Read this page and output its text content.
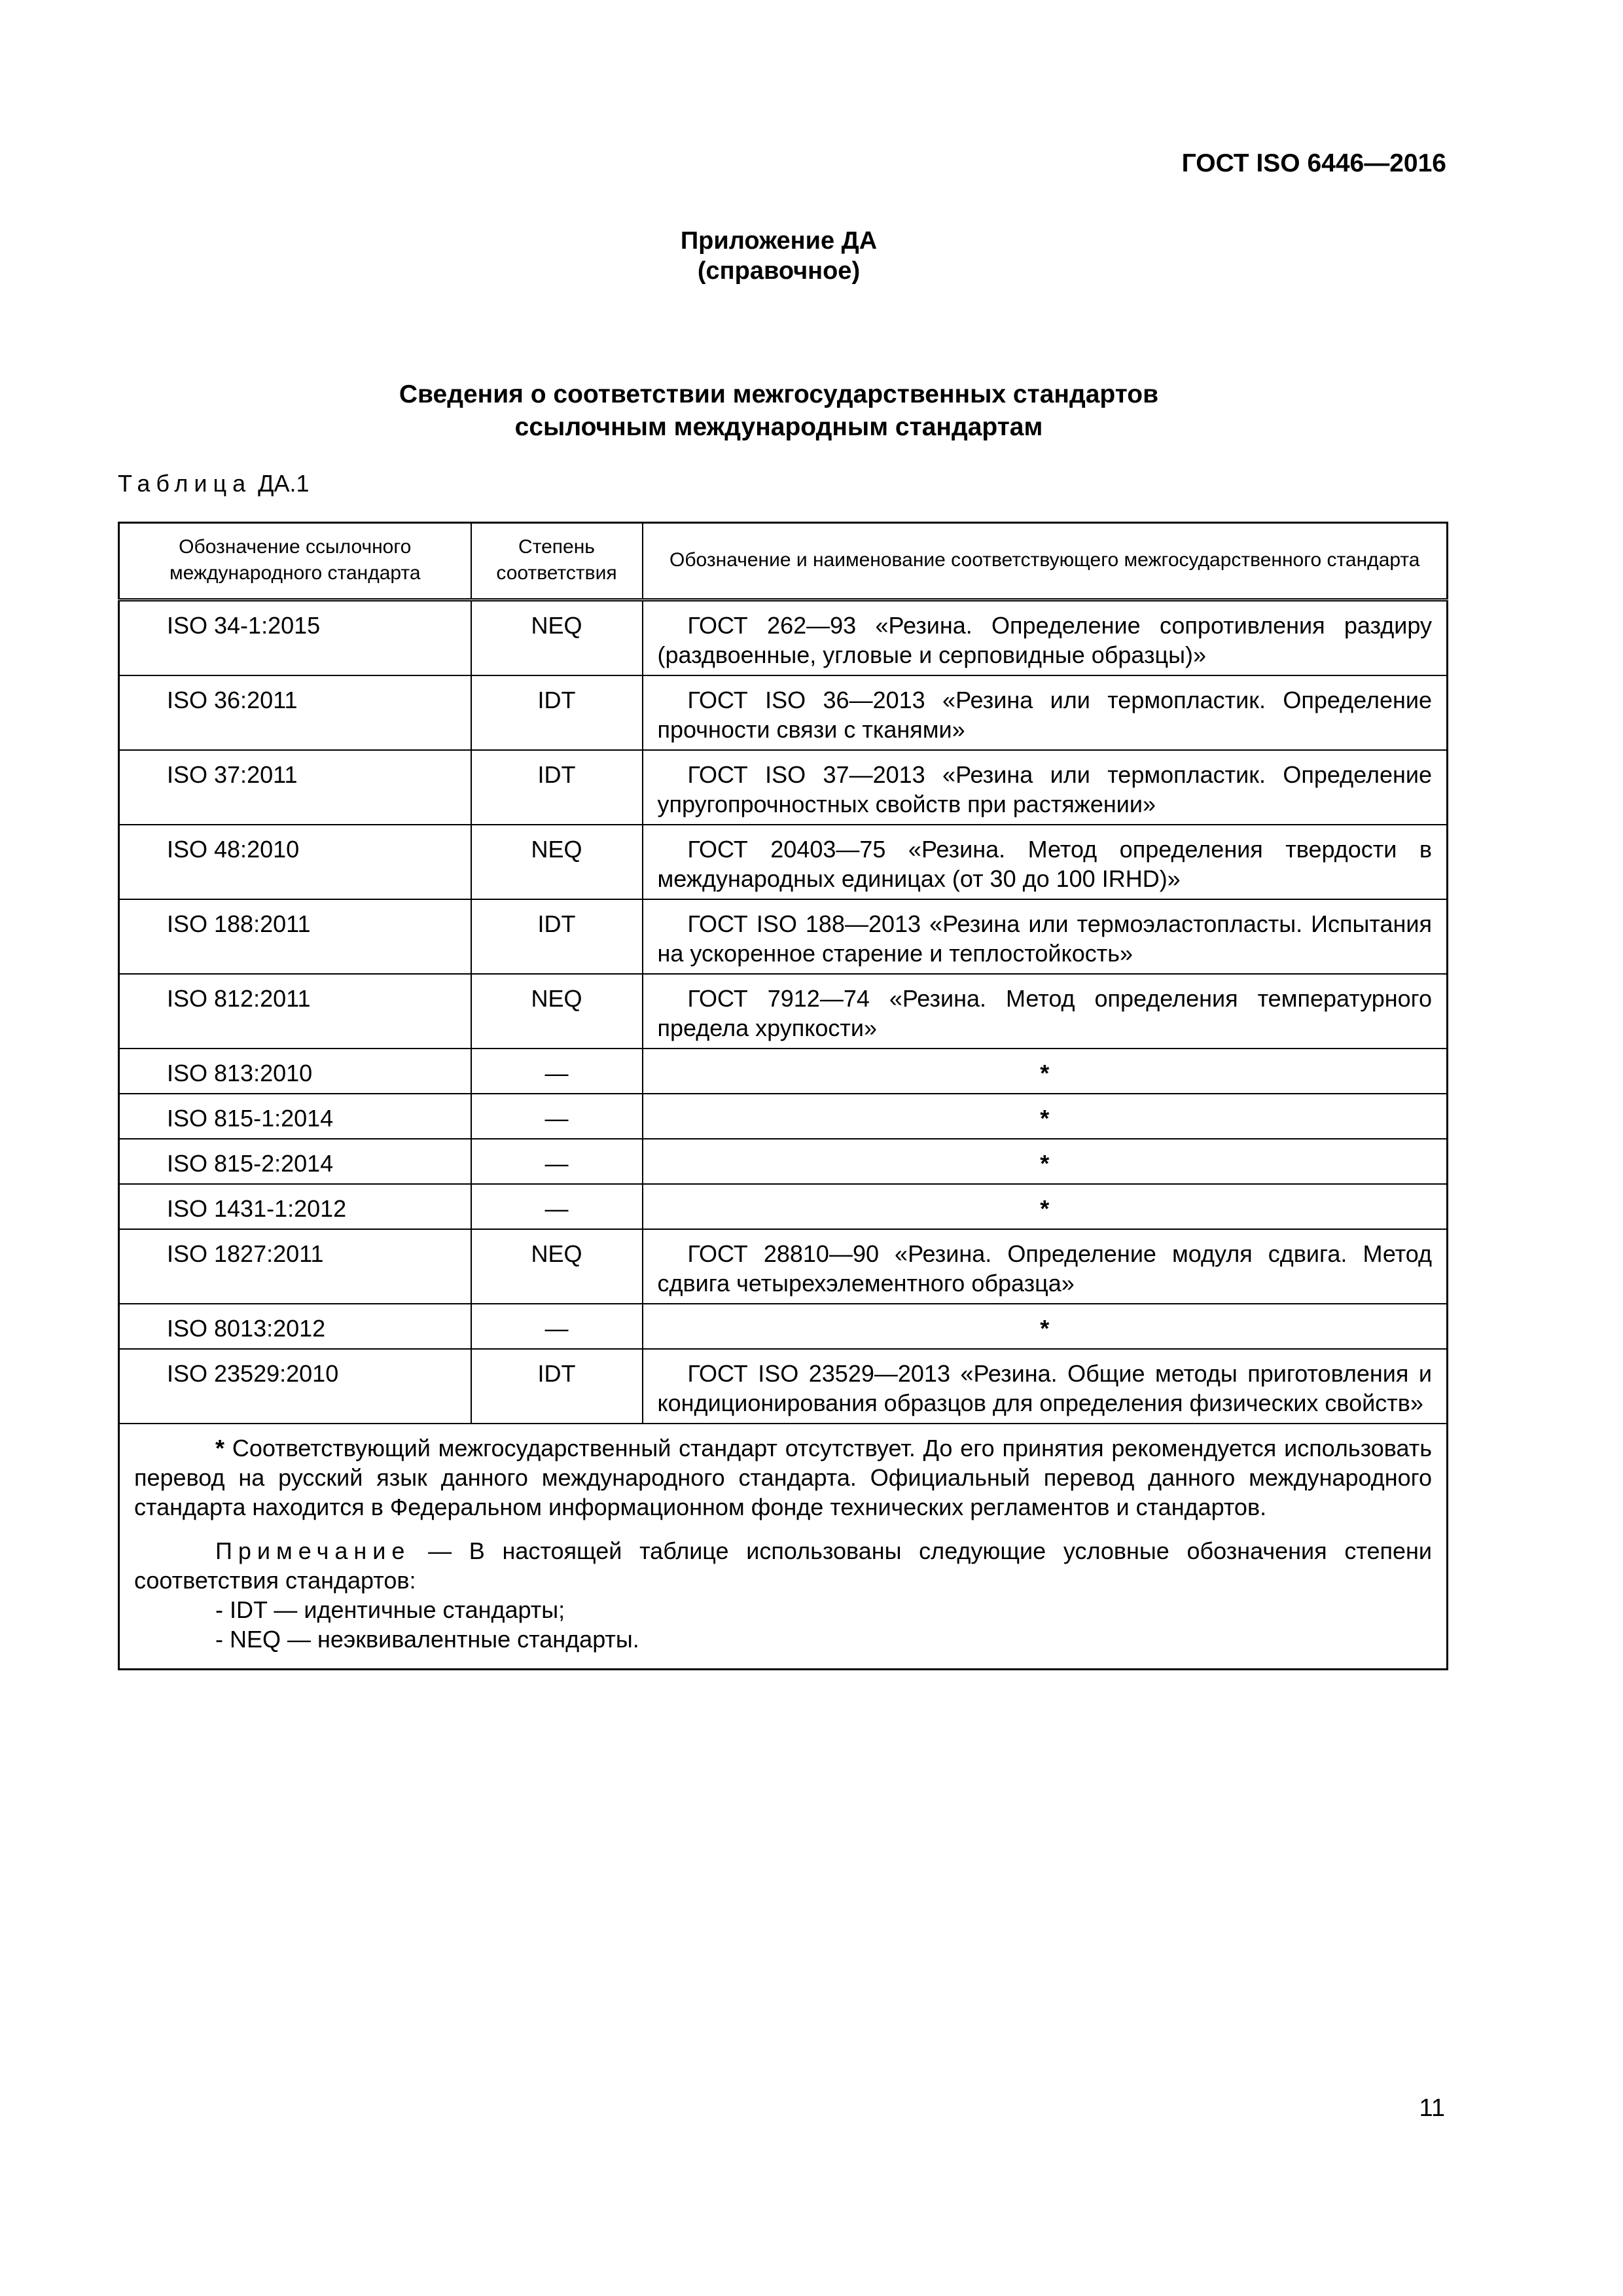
ГОСТ ISO 6446—2016
Приложение ДА
(справочное)
Сведения о соответствии межгосударственных стандартов
ссылочным международным стандартам
Таблица ДА.1
Обозначение ссылочного международного стандарта	Степень соответствия	Обозначение и наименование соответствующего межгосударственного стандарта
ISO 34-1:2015	NEQ	ГОСТ 262—93 «Резина. Определение сопротивления раздиру (раздвоенные, угловые и серповидные образцы)»

ISO 36:2011	IDT	ГОСТ ISO 36—2013 «Резина или термопластик. Определение прочности связи с тканями»

ISO 37:2011	IDT	ГОСТ ISO 37—2013 «Резина или термопластик. Определение упругопрочностных свойств при растяжении»

ISO 48:2010	NEQ	ГОСТ 20403—75 «Резина. Метод определения твердости в международных единицах (от 30 до 100 IRHD)»

ISO 188:2011	IDT	ГОСТ ISO 188—2013 «Резина или термоэластопласты. Испытания на ускоренное старение и теплостойкость»

ISO 812:2011	NEQ	ГОСТ 7912—74 «Резина. Метод определения температурного предела хрупкости»

ISO 813:2010	—	*
ISO 815-1:2014	—	*
ISO 815-2:2014	—	*
ISO 1431-1:2012	—	*
ISO 1827:2011	NEQ	ГОСТ 28810—90 «Резина. Определение модуля сдвига. Метод сдвига четырехэлементного образца»

ISO 8013:2012	—	*
ISO 23529:2010	IDT	ГОСТ ISO 23529—2013 «Резина. Общие методы приготовления и кондиционирования образцов для определения физических свойств»

* Соответствующий межгосударственный стандарт отсутствует. До его принятия рекомендуется использовать перевод на русский язык данного международного стандарта. Официальный перевод данного международного стандарта находится в Федеральном информационном фонде технических регламентов и стандартов.

Примечание — В настоящей таблице использованы следующие условные обозначения степени соответствия стандартов:

- IDT — идентичные стандарты;

- NEQ — неэквивалентные стандарты.		

11
